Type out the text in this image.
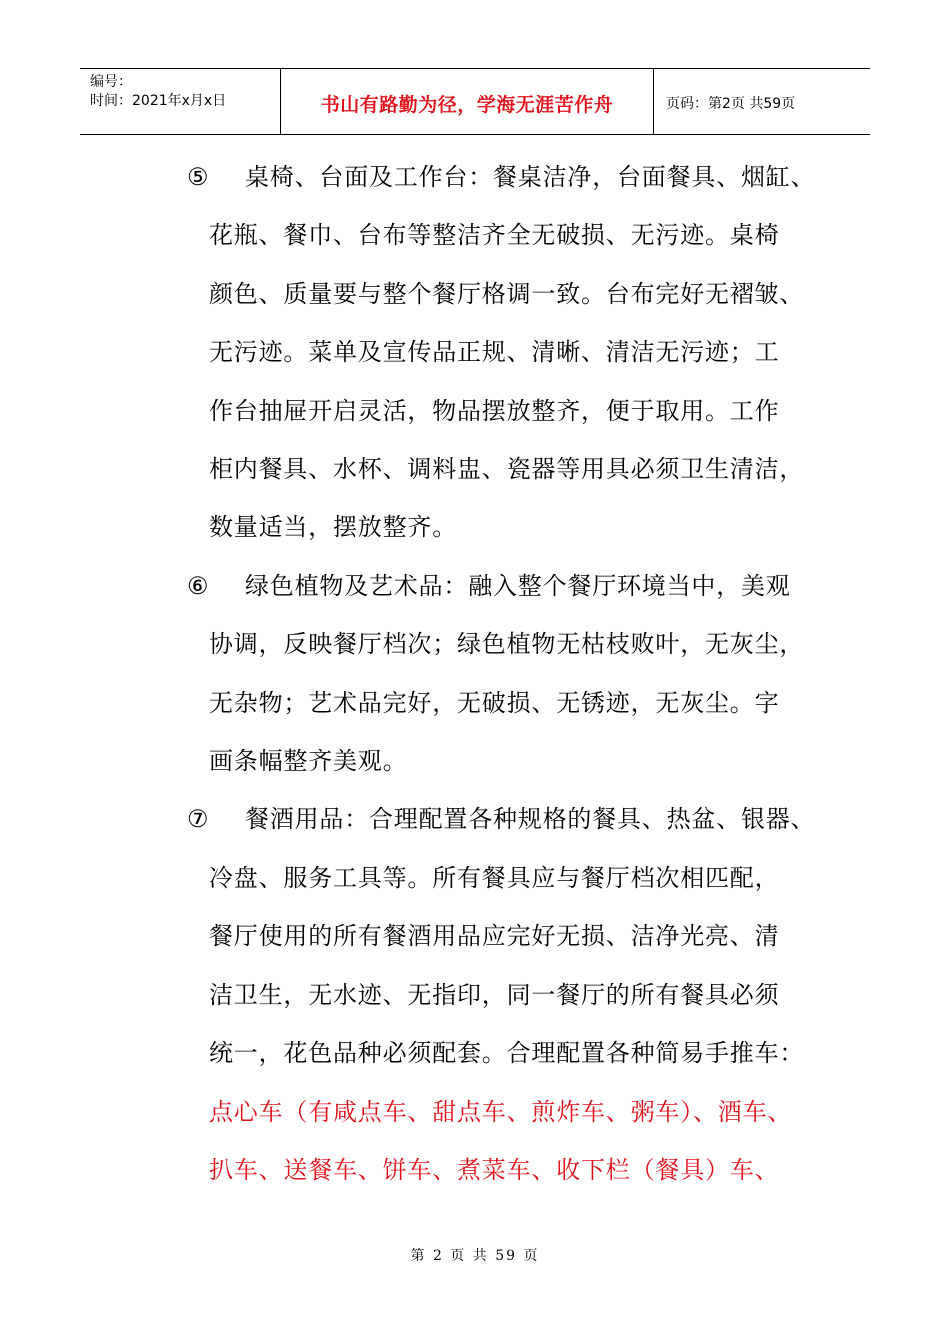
编号：
时间：2021年x月x日	书山有路勤为径，学海无涯苦作舟	页码：第2页 共59页

⑤ 桌椅、台面及工作台：餐桌洁净，台面餐具、烟缸、
花瓶、餐巾、台布等整洁齐全无破损、无污迹。桌椅
颜色、质量要与整个餐厅格调一致。台布完好无褶皱、
无污迹。菜单及宣传品正规、清晰、清洁无污迹；工
作台抽屉开启灵活，物品摆放整齐，便于取用。工作
柜内餐具、水杯、调料盅、瓷器等用具必须卫生清洁，
数量适当，摆放整齐。

⑥ 绿色植物及艺术品：融入整个餐厅环境当中，美观
协调，反映餐厅档次；绿色植物无枯枝败叶，无灰尘，
无杂物；艺术品完好，无破损、无锈迹，无灰尘。字
画条幅整齐美观。

⑦ 餐酒用品：合理配置各种规格的餐具、热盆、银器、
冷盘、服务工具等。所有餐具应与餐厅档次相匹配，
餐厅使用的所有餐酒用品应完好无损、洁净光亮、清
洁卫生，无水迹、无指印，同一餐厅的所有餐具必须
统一，花色品种必须配套。合理配置各种简易手推车：
点心车（有咸点车、甜点车、煎炸车、粥车）、酒车、
扒车、送餐车、饼车、煮菜车、收下栏（餐具）车、

第 2 页 共 59 页
